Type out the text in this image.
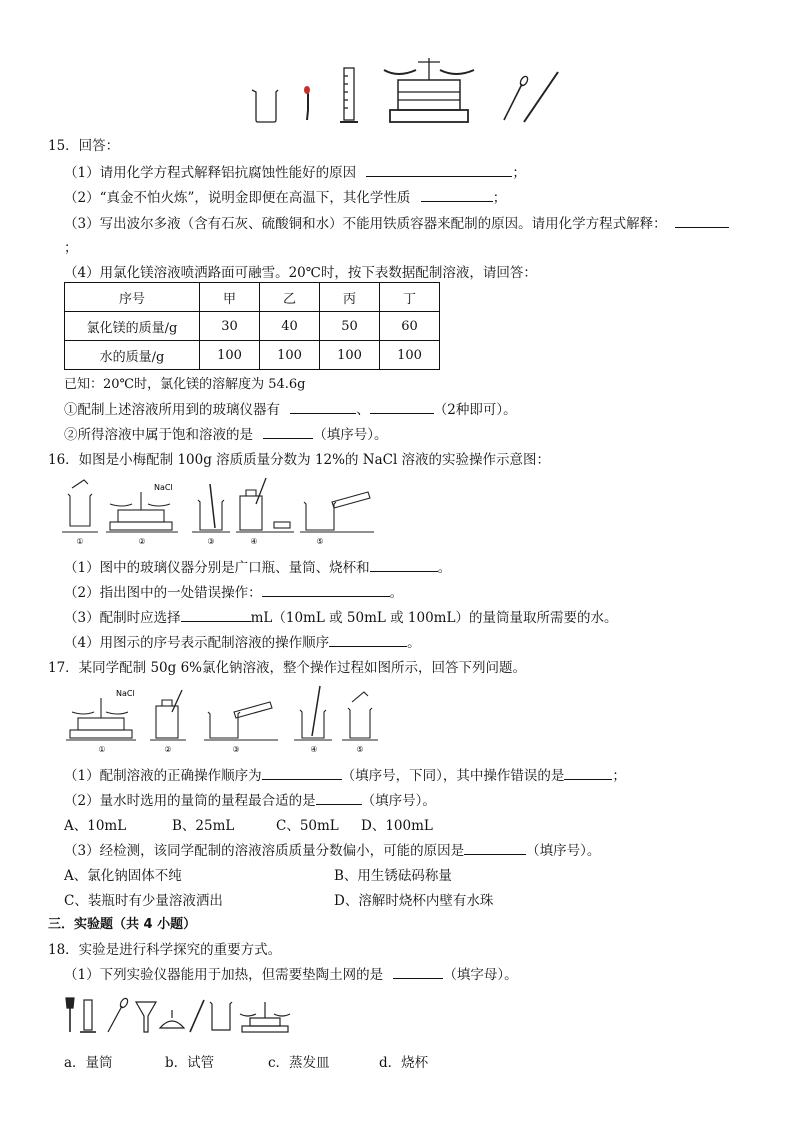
15．回答：
（1）请用化学方程式解释铝抗腐蚀性能好的原因	；
（2）“真金不怕火炼”，说明金即便在高温下，其化学性质	；
（3）写出波尔多液（含有石灰、硫酸铜和水）不能用铁质容器来配制的原因。请用化学方程式解释：
；
（4）用氯化镁溶液喷洒路面可融雪。20℃时，按下表数据配制溶液，请回答：
序号	甲	乙	丙	丁
氯化镁的质量/g	30	40	50	60
水的质量/g	100	100	100	100
已知：20℃时，氯化镁的溶解度为 54.6g
①配制上述溶液所用到的玻璃仪器有	、	（2种即可）。
②所得溶液中属于饱和溶液的是	（填序号）。
16．如图是小梅配制 100g 溶质质量分数为 12%的 NaCl 溶液的实验操作示意图：
①	②	③	④	⑤
NaCl
（1）图中的玻璃仪器分别是广口瓶、量筒、烧杯和	。
（2）指出图中的一处错误操作：	。
（3）配制时应选择	mL（10mL 或 50mL 或 100mL）的量筒量取所需要的水。
（4）用图示的序号表示配制溶液的操作顺序	。
17．某同学配制 50g 6%氯化钠溶液，整个操作过程如图所示，回答下列问题。
①	②	③	④	⑤
NaCl
（1）配制溶液的正确操作顺序为	（填序号，下同），其中操作错误的是	；
（2）量水时选用的量筒的量程最合适的是	（填序号）。
A、10mL	B、25mL	C、50mL D、100mL
（3）经检测，该同学配制的溶液溶质质量分数偏小，可能的原因是	（填序号）。
A、氯化钠固体不纯	B、用生锈砝码称量
C、装瓶时有少量溶液洒出	D、溶解时烧杯内壁有水珠
三．实验题（共 4 小题）
18．实验是进行科学探究的重要方式。
（1）下列实验仪器能用于加热，但需要垫陶土网的是	（填字母）。
a．量筒	b．试管	c．蒸发皿	d．烧杯
